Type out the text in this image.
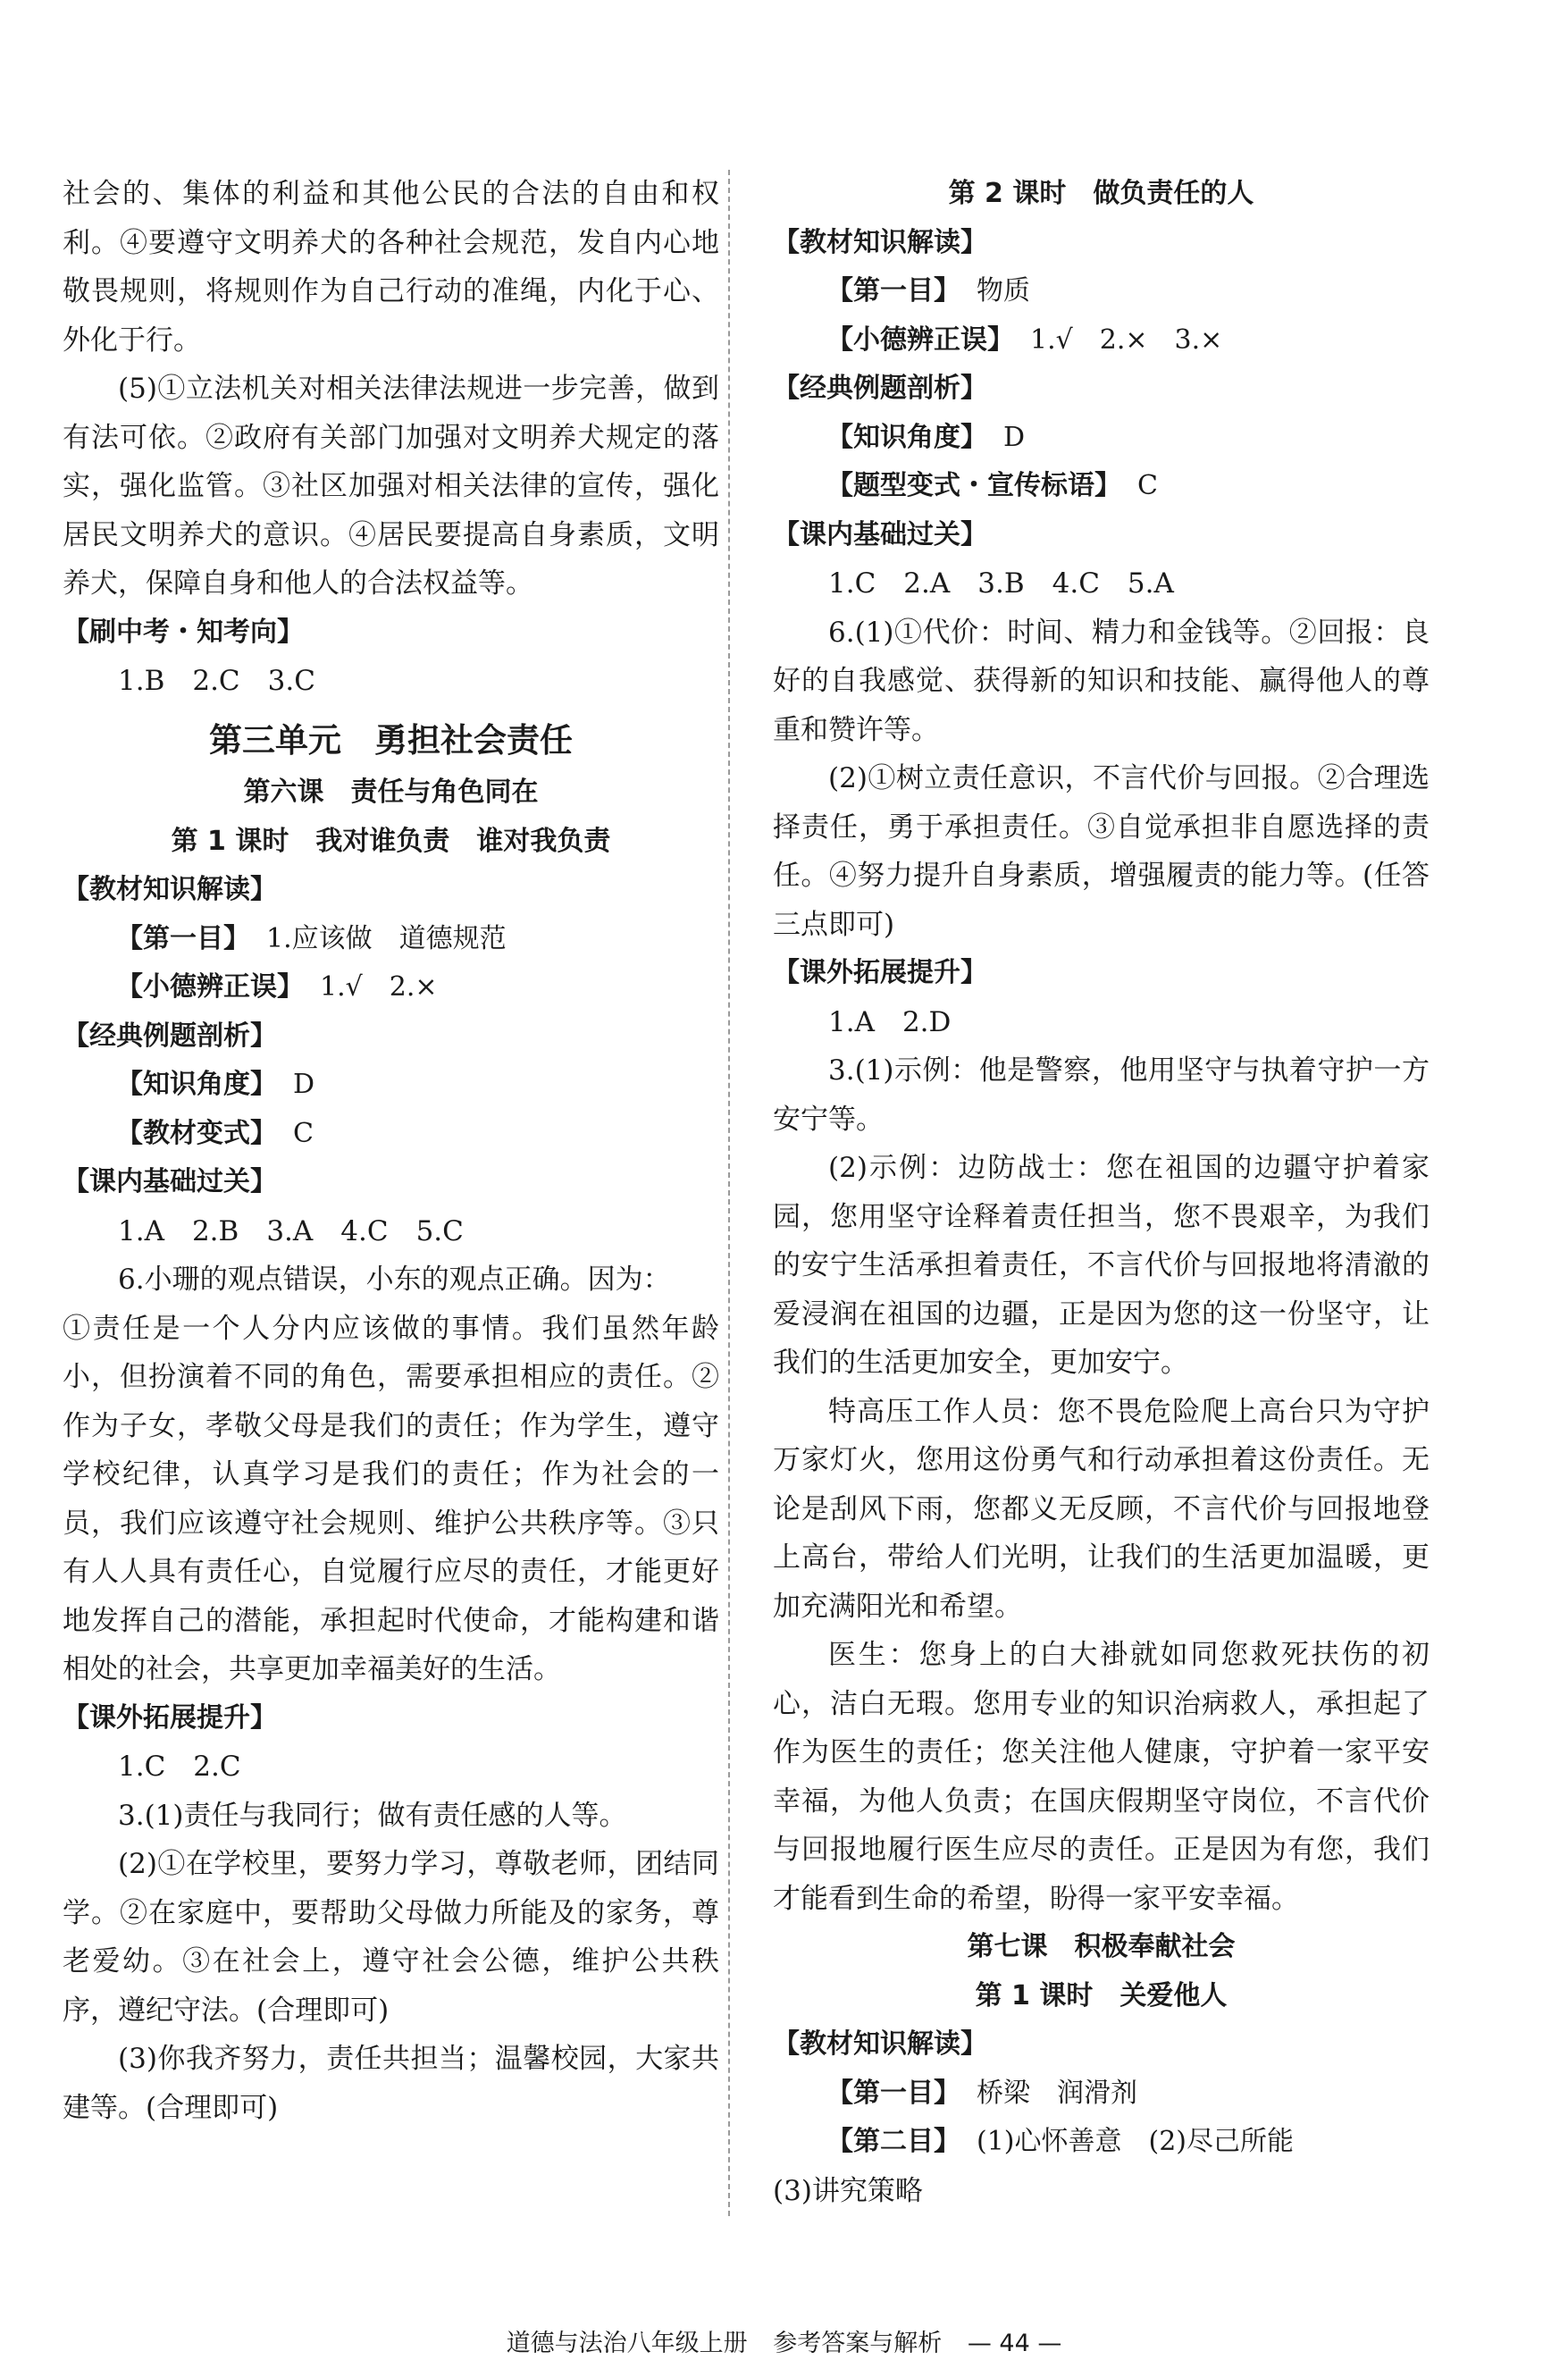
社会的、集体的利益和其他公民的合法的自由和权利。④要遵守文明养犬的各种社会规范，发自内心地敬畏规则，将规则作为自己行动的准绳，内化于心、外化于行。

(5)①立法机关对相关法律法规进一步完善，做到有法可依。②政府有关部门加强对文明养犬规定的落实，强化监管。③社区加强对相关法律的宣传，强化居民文明养犬的意识。④居民要提高自身素质，文明养犬，保障自身和他人的合法权益等。

【刷中考・知考向】

1.B　2.C　3.C

第三单元　勇担社会责任

第六课　责任与角色同在

第 1 课时　我对谁负责　谁对我负责

【教材知识解读】

【第一目】 1.应该做　道德规范

【小德辨正误】 1.√　2.×

【经典例题剖析】

【知识角度】 D

【教材变式】 C

【课内基础过关】

1.A　2.B　3.A　4.C　5.C

6.小珊的观点错误，小东的观点正确。因为：

①责任是一个人分内应该做的事情。我们虽然年龄小，但扮演着不同的角色，需要承担相应的责任。②作为子女，孝敬父母是我们的责任；作为学生，遵守学校纪律，认真学习是我们的责任；作为社会的一员，我们应该遵守社会规则、维护公共秩序等。③只有人人具有责任心，自觉履行应尽的责任，才能更好地发挥自己的潜能，承担起时代使命，才能构建和谐相处的社会，共享更加幸福美好的生活。

【课外拓展提升】

1.C　2.C

3.(1)责任与我同行；做有责任感的人等。

(2)①在学校里，要努力学习，尊敬老师，团结同学。②在家庭中，要帮助父母做力所能及的家务，尊老爱幼。③在社会上，遵守社会公德，维护公共秩序，遵纪守法。(合理即可)

(3)你我齐努力，责任共担当；温馨校园，大家共建等。(合理即可)

第 2 课时　做负责任的人

【教材知识解读】

【第一目】 物质

【小德辨正误】 1.√　2.×　3.×

【经典例题剖析】

【知识角度】 D

【题型变式・宣传标语】 C

【课内基础过关】

1.C　2.A　3.B　4.C　5.A

6.(1)①代价：时间、精力和金钱等。②回报：良好的自我感觉、获得新的知识和技能、赢得他人的尊重和赞许等。

(2)①树立责任意识，不言代价与回报。②合理选择责任，勇于承担责任。③自觉承担非自愿选择的责任。④努力提升自身素质，增强履责的能力等。(任答三点即可)

【课外拓展提升】

1.A　2.D

3.(1)示例：他是警察，他用坚守与执着守护一方安宁等。

(2)示例：边防战士：您在祖国的边疆守护着家园，您用坚守诠释着责任担当，您不畏艰辛，为我们的安宁生活承担着责任，不言代价与回报地将清澈的爱浸润在祖国的边疆，正是因为您的这一份坚守，让我们的生活更加安全，更加安宁。

特高压工作人员：您不畏危险爬上高台只为守护万家灯火，您用这份勇气和行动承担着这份责任。无论是刮风下雨，您都义无反顾，不言代价与回报地登上高台，带给人们光明，让我们的生活更加温暖，更加充满阳光和希望。

医生：您身上的白大褂就如同您救死扶伤的初心，洁白无瑕。您用专业的知识治病救人，承担起了作为医生的责任；您关注他人健康，守护着一家平安幸福，为他人负责；在国庆假期坚守岗位，不言代价与回报地履行医生应尽的责任。正是因为有您，我们才能看到生命的希望，盼得一家平安幸福。

第七课　积极奉献社会

第 1 课时　关爱他人

【教材知识解读】

【第一目】 桥梁　润滑剂

【第二目】 (1)心怀善意　(2)尽己所能

(3)讲究策略

道德与法治八年级上册 参考答案与解析 — 44 —
